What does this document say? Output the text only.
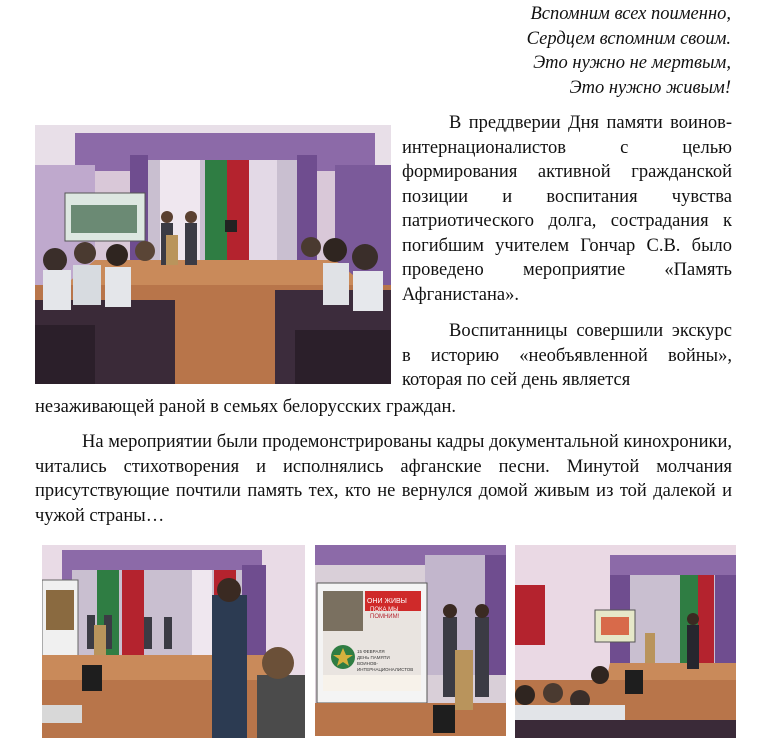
Вспомним всех поименно,
Сердцем вспомним своим.
Это нужно не мертвым,
Это нужно живым!

В преддверии Дня памяти воинов-интернационалистов с целью формирования активной гражданской позиции и воспитания чувства патриотического долга, сострадания к погибшим учителем Гончар С.В. было проведено мероприятие «Память Афганистана».

Воспитанницы совершили экскурс в историю «необъявленной войны», которая по сей день является

незаживающей раной в семьях белорусских граждан.

На мероприятии были продемонстрированы кадры документальной кинохроники, читались стихотворения и исполнялись афганские песни. Минутой молчания присутствующие почтили память тех, кто не вернулся домой живым из той далекой и чужой страны…
ОНИ ЖИВЫ
ПОКА МЫ
ПОМНИМ!
15 ФЕВРАЛЯ
ДЕНЬ ПАМЯТИ
ВОИНОВ-
ИНТЕРНАЦИОНАЛИСТОВ
